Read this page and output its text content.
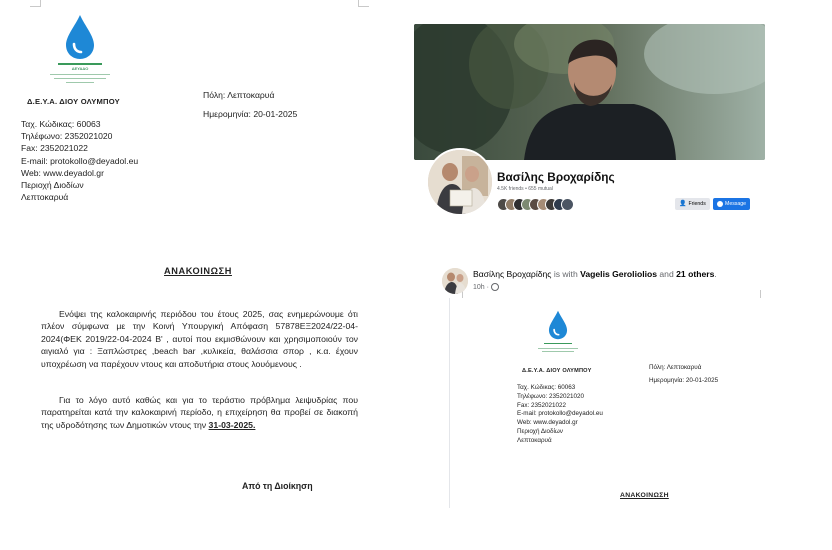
ΔΕΥΑΔΟ
Δ.Ε.Υ.Α. ΔΙΟΥ ΟΛΥΜΠΟΥ
Ταχ. Κώδικας: 60063
Τηλέφωνο: 2352021020
Fax: 2352021022
E-mail: protokollo@deyadol.eu
Web: www.deyadol.gr
Περιοχή Διοδίων
Λεπτοκαρυά
Πόλη: Λεπτοκαρυά
Ημερομηνία: 20-01-2025
ΑΝΑΚΟΙΝΩΣΗ
Ενόψει της καλοκαιρινής περιόδου του έτους 2025, σας ενημερώνουμε ότι πλέον σύμφωνα με την Κοινή Υπουργική Απόφαση 57878ΕΞ2024/22-04-2024(ΦΕΚ 2019/22-04-2024 Β' , αυτοί που εκμισθώνουν και χρησιμοποιούν τον αιγιαλό για : Ξαπλώστρες ,beach bar ,κυλικεία, θαλάσσια σπορ , κ.α. έχουν υποχρέωση να παρέχουν ντους και αποδυτήρια στους λουόμενους .
Για το λόγο αυτό καθώς και για το τεράστιο πρόβλημα λειψυδρίας που παρατηρείται κατά την καλοκαιρινή περίοδο, η επιχείρηση θα προβεί σε διακοπή της υδροδότησης των Δημοτικών ντους την 31-03-2025.
Από τη Διοίκηση
Βασίλης Βροχαρίδης
4.5K friends • 655 mutual
👤 Friends	Message
Βασίλης Βροχαρίδης is with Vagelis Geroliolios and 21 others.
10h ·
Δ.Ε.Υ.Α. ΔΙΟΥ ΟΛΥΜΠΟΥ
Ταχ. Κώδικας: 60063
Τηλέφωνο: 2352021020
Fax: 2352021022
E-mail: protokollo@deyadol.eu
Web: www.deyadol.gr
Περιοχή Διοδίων
Λεπτοκαρυά
Πόλη: Λεπτοκαρυά
Ημερομηνία: 20-01-2025
ΑΝΑΚΟΙΝΩΣΗ
